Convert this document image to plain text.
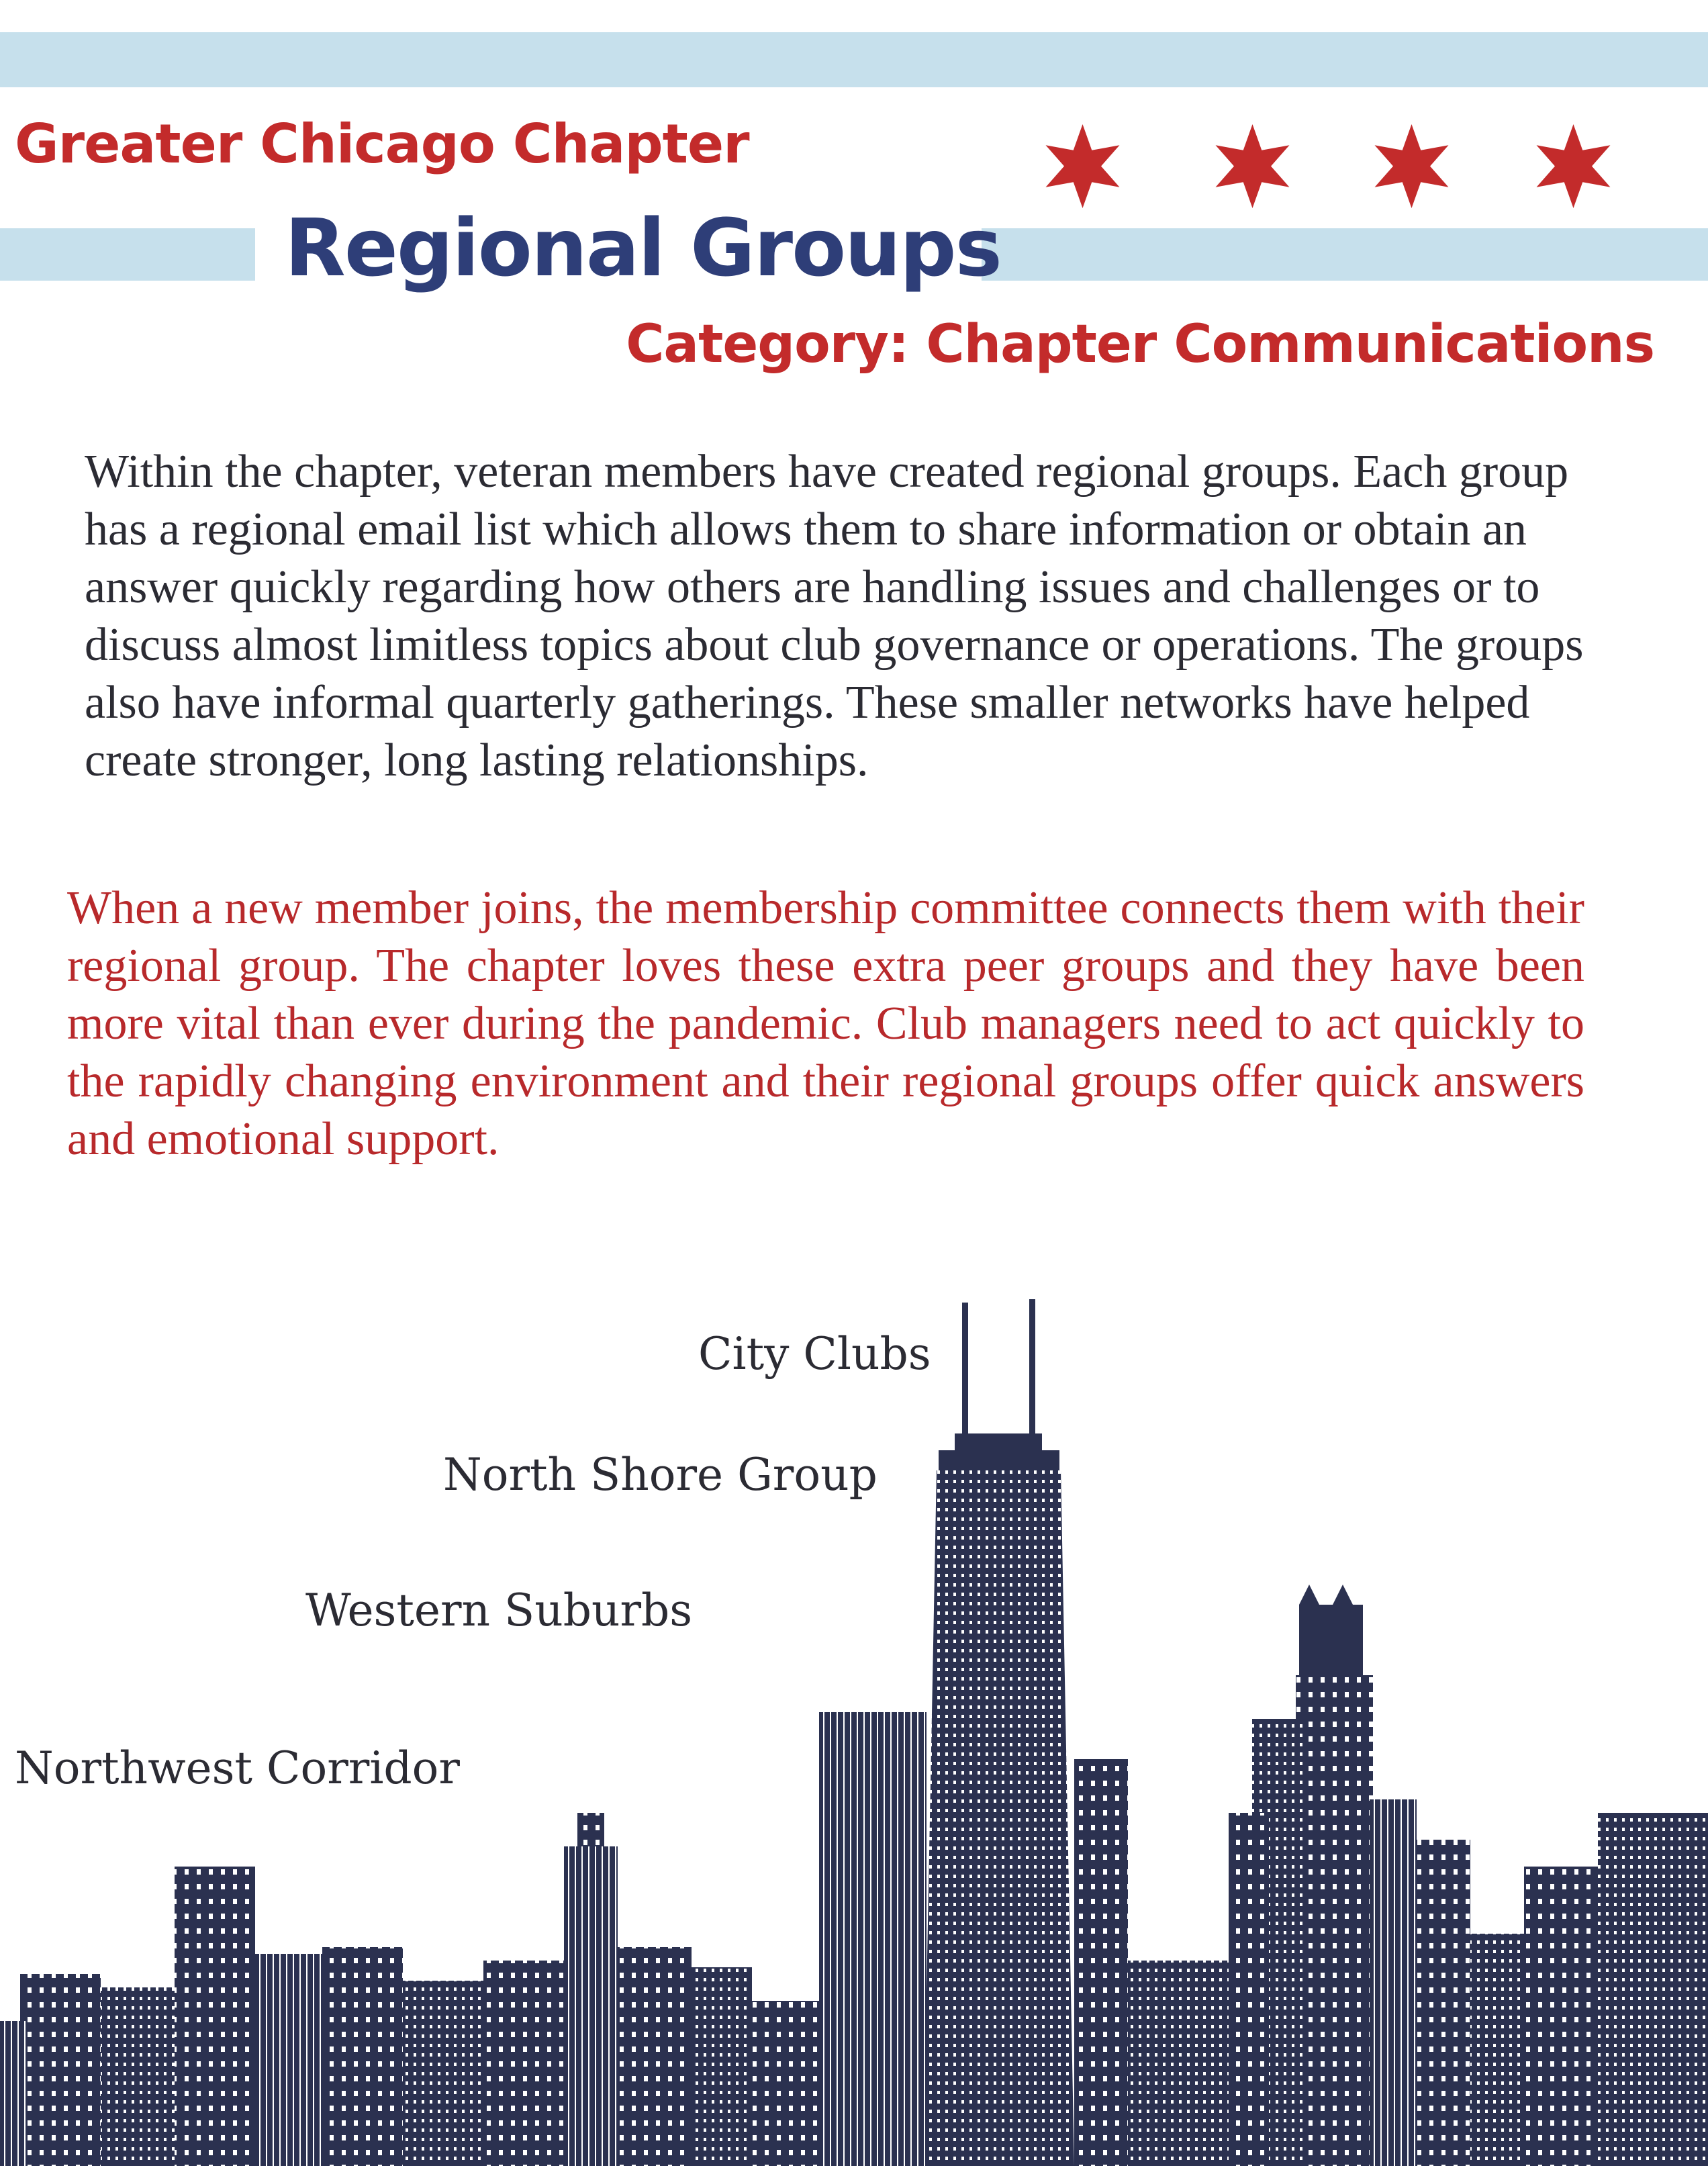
Greater Chicago Chapter
Regional Groups
Category: Chapter Communications

Within the chapter, veteran members have created regional groups. Each group has a regional email list which allows them to share information or obtain an answer quickly regarding how others are handling issues and challenges or to discuss almost limitless topics about club governance or operations. The groups also have informal quarterly gatherings. These smaller networks have helped create stronger, long lasting relationships.

When a new member joins, the membership committee connects them with their regional group. The chapter loves these extra peer groups and they have been more vital than ever during the pandemic. Club managers need to act quickly to the rapidly changing environment and their regional groups offer quick answers and emotional support.

City Clubs
North Shore Group
Western Suburbs
Northwest Corridor
